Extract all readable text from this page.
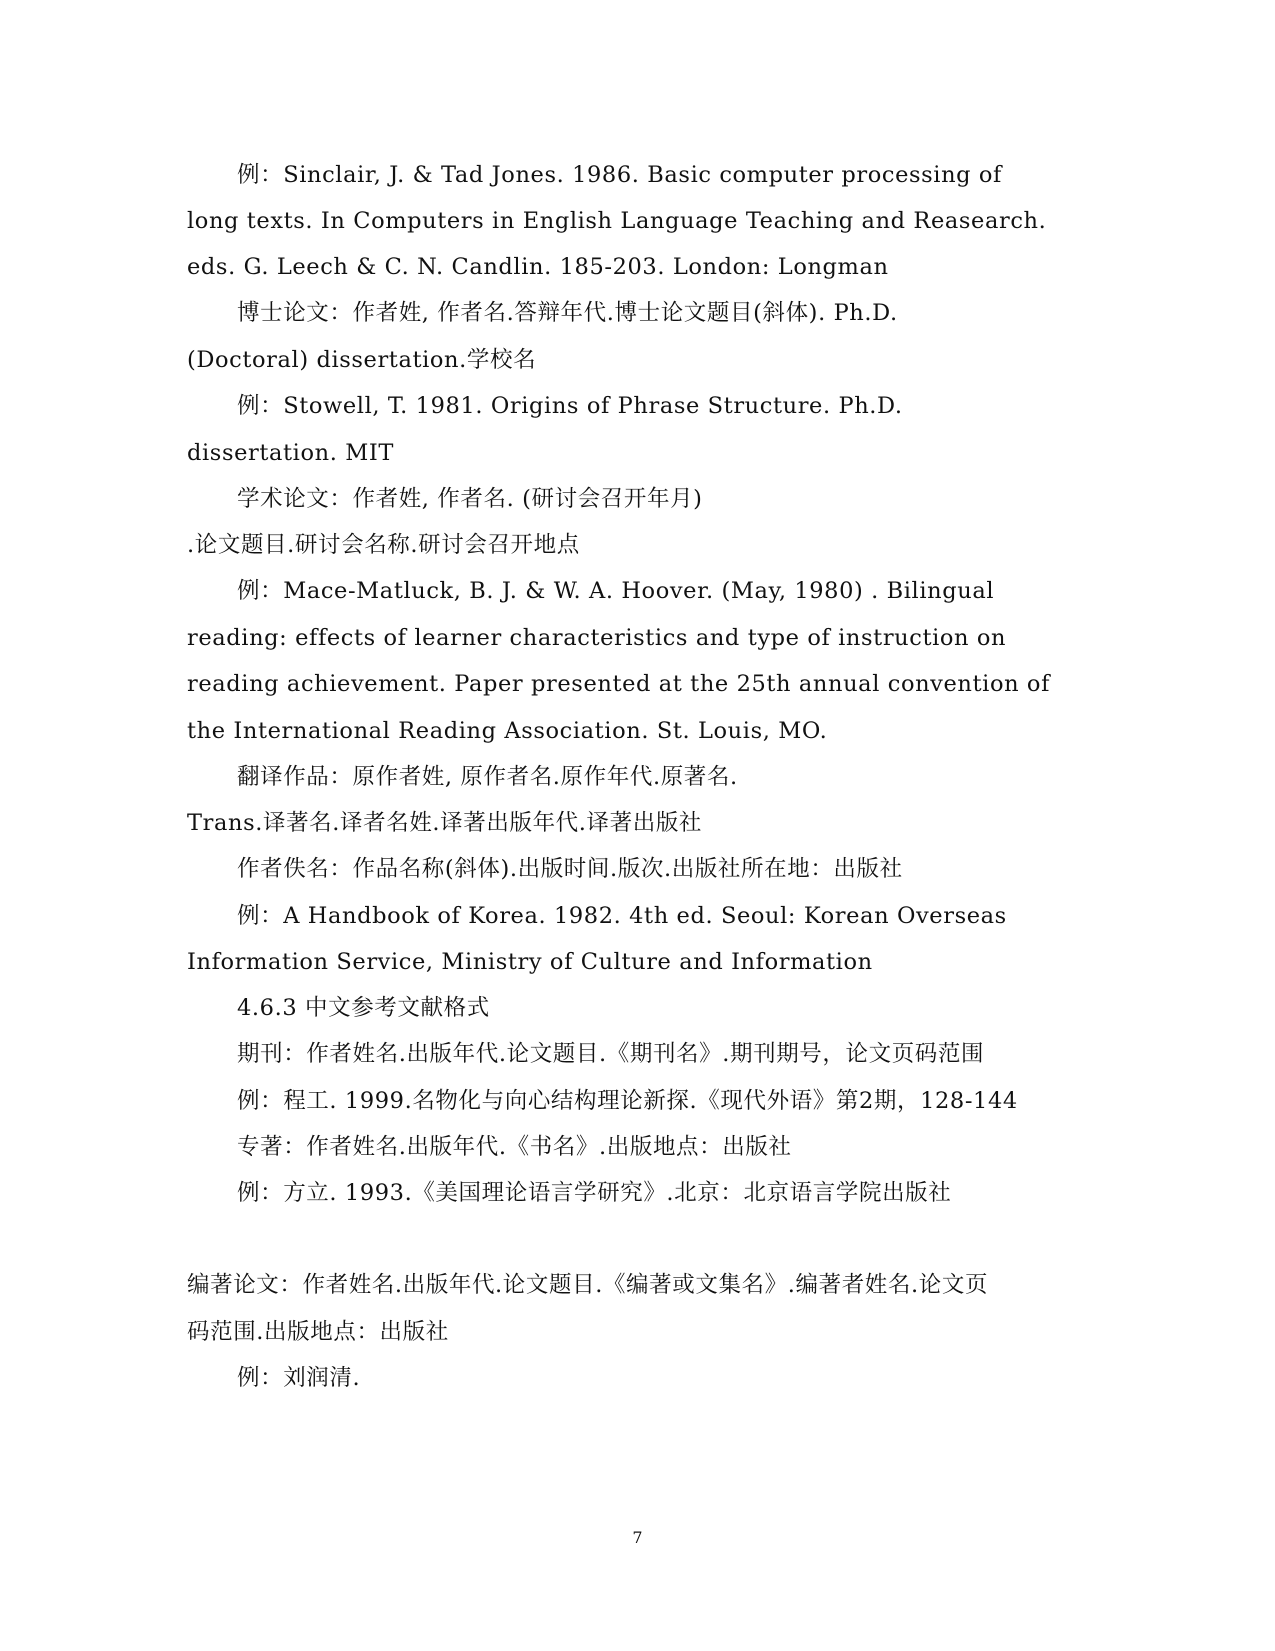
例：Sinclair, J. & Tad Jones. 1986. Basic computer processing of
long texts. In Computers in English Language Teaching and Reasearch.
eds. G. Leech & C. N. Candlin. 185-203. London: Longman
博士论文：作者姓, 作者名.答辩年代.博士论文题目(斜体). Ph.D.
(Doctoral) dissertation.学校名
例：Stowell, T. 1981. Origins of Phrase Structure. Ph.D.
dissertation. MIT
学术论文：作者姓, 作者名. (研讨会召开年月)
.论文题目.研讨会名称.研讨会召开地点
例：Mace-Matluck, B. J. & W. A. Hoover. (May, 1980) . Bilingual
reading: effects of learner characteristics and type of instruction on
reading achievement. Paper presented at the 25th annual convention of
the International Reading Association. St. Louis, MO.
翻译作品：原作者姓, 原作者名.原作年代.原著名.
Trans.译著名.译者名姓.译著出版年代.译著出版社
作者佚名：作品名称(斜体).出版时间.版次.出版社所在地：出版社
例：A Handbook of Korea. 1982. 4th ed. Seoul: Korean Overseas
Information Service, Ministry of Culture and Information
4.6.3 中文参考文献格式
期刊：作者姓名.出版年代.论文题目.《期刊名》.期刊期号，论文页码范围
例：程工. 1999.名物化与向心结构理论新探.《现代外语》第2期，128-144
专著：作者姓名.出版年代.《书名》.出版地点：出版社
例：方立. 1993.《美国理论语言学研究》.北京：北京语言学院出版社
编著论文：作者姓名.出版年代.论文题目.《编著或文集名》.编著者姓名.论文页
码范围.出版地点：出版社
例：刘润清.
7
